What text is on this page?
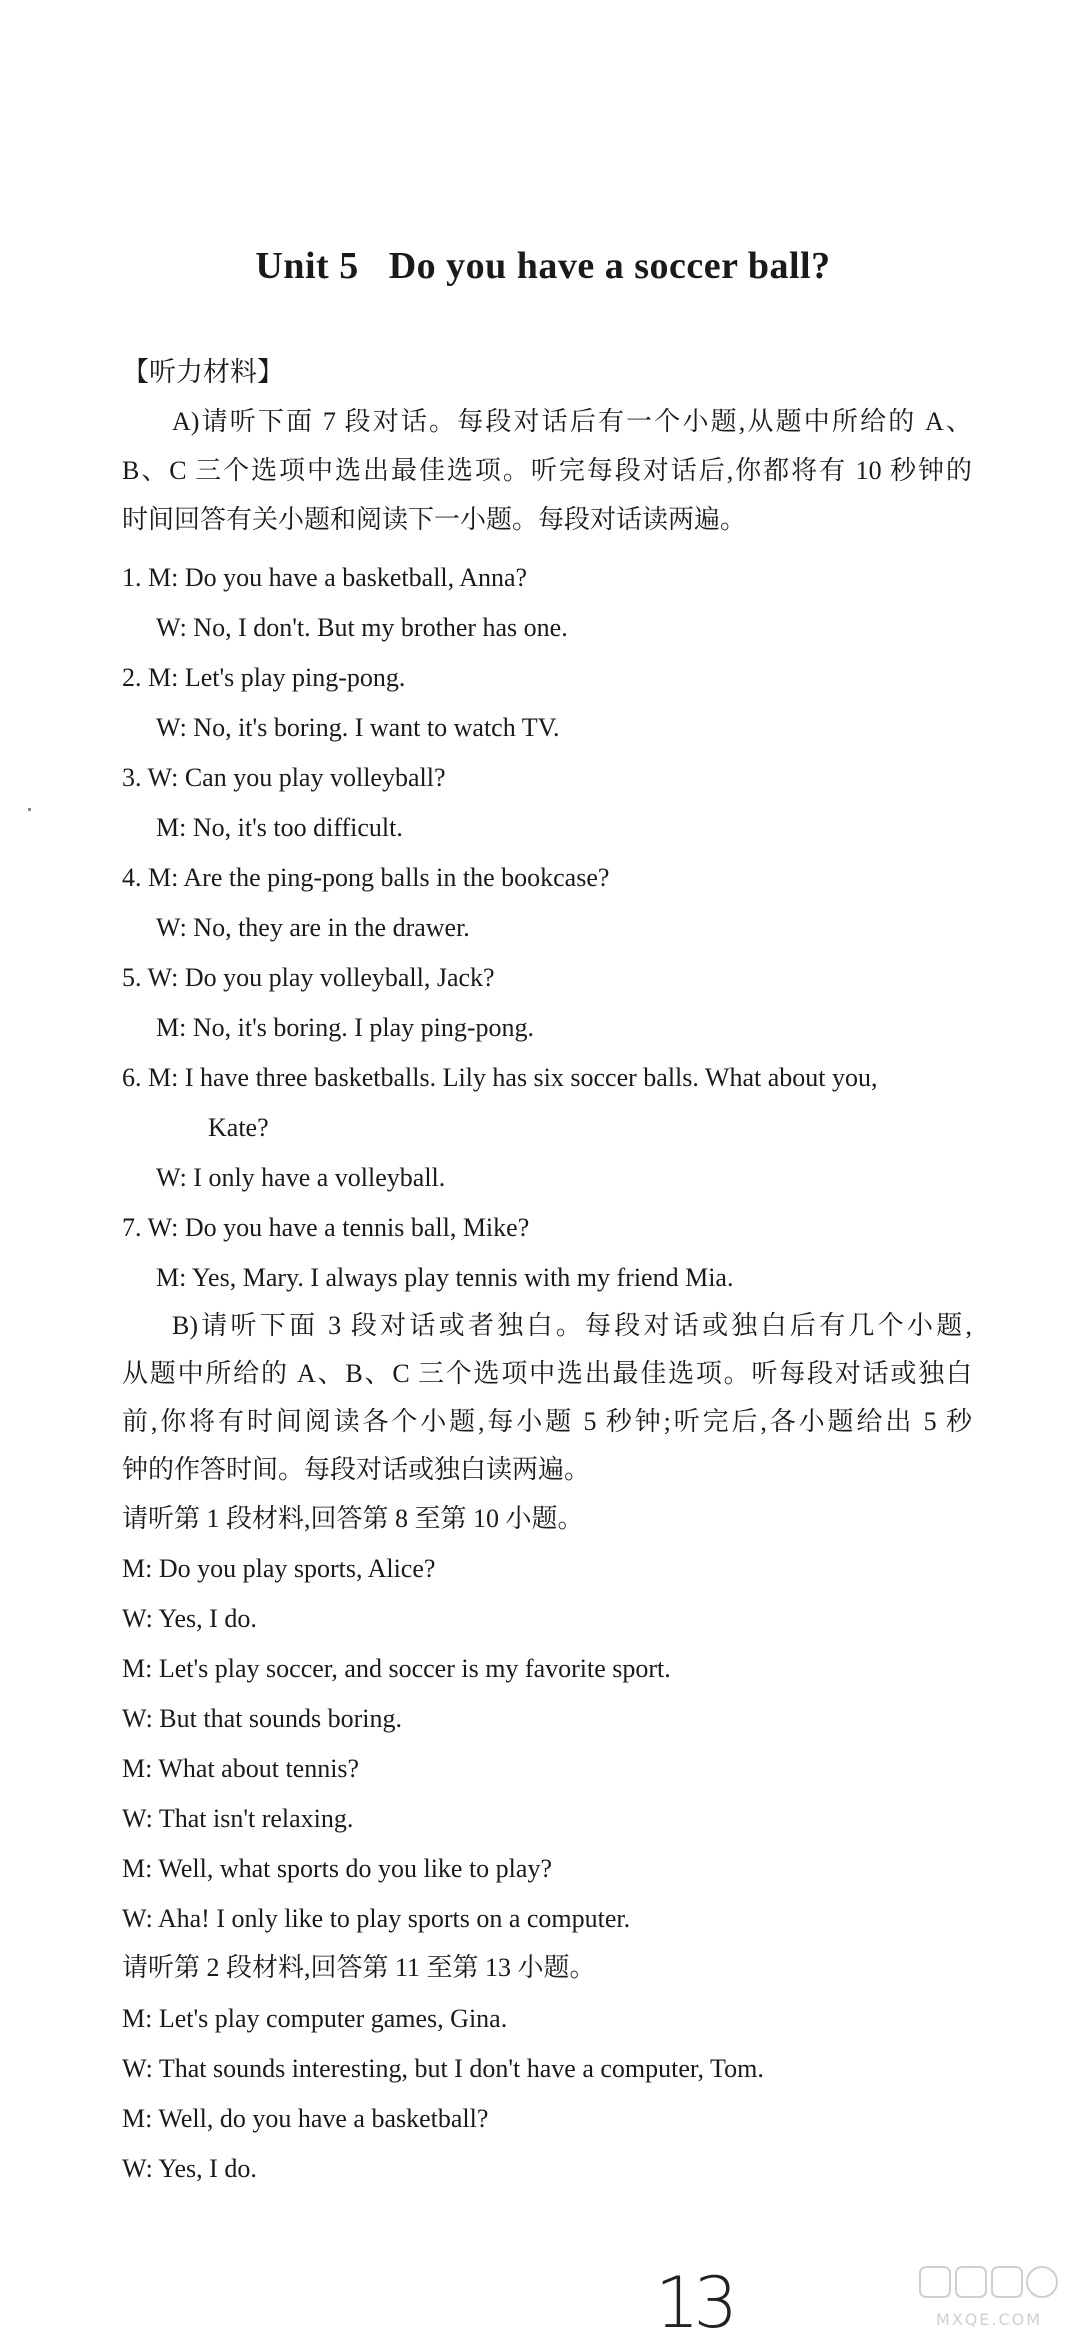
Unit 5   Do you have a soccer ball?
【听力材料】
A)请听下面 7 段对话。每段对话后有一个小题,从题中所给的 A、
B、C 三个选项中选出最佳选项。听完每段对话后,你都将有 10 秒钟的
时间回答有关小题和阅读下一小题。每段对话读两遍。
1. M: Do you have a basketball, Anna?
W: No, I don't. But my brother has one.
2. M: Let's play ping-pong.
W: No, it's boring. I want to watch TV.
3. W: Can you play volleyball?
M: No, it's too difficult.
4. M: Are the ping-pong balls in the bookcase?
W: No, they are in the drawer.
5. W: Do you play volleyball, Jack?
M: No, it's boring. I play ping-pong.
6. M: I have three basketballs. Lily has six soccer balls. What about you,
Kate?
W: I only have a volleyball.
7. W: Do you have a tennis ball, Mike?
M: Yes, Mary. I always play tennis with my friend Mia.
B)请听下面 3 段对话或者独白。每段对话或独白后有几个小题,
从题中所给的 A、B、C 三个选项中选出最佳选项。听每段对话或独白
前,你将有时间阅读各个小题,每小题 5 秒钟;听完后,各小题给出 5 秒
钟的作答时间。每段对话或独白读两遍。
请听第 1 段材料,回答第 8 至第 10 小题。
M: Do you play sports, Alice?
W: Yes, I do.
M: Let's play soccer, and soccer is my favorite sport.
W: But that sounds boring.
M: What about tennis?
W: That isn't relaxing.
M: Well, what sports do you like to play?
W: Aha! I only like to play sports on a computer.
请听第 2 段材料,回答第 11 至第 13 小题。
M: Let's play computer games, Gina.
W: That sounds interesting, but I don't have a computer, Tom.
M: Well, do you have a basketball?
W: Yes, I do.
13	MXQE.COM
